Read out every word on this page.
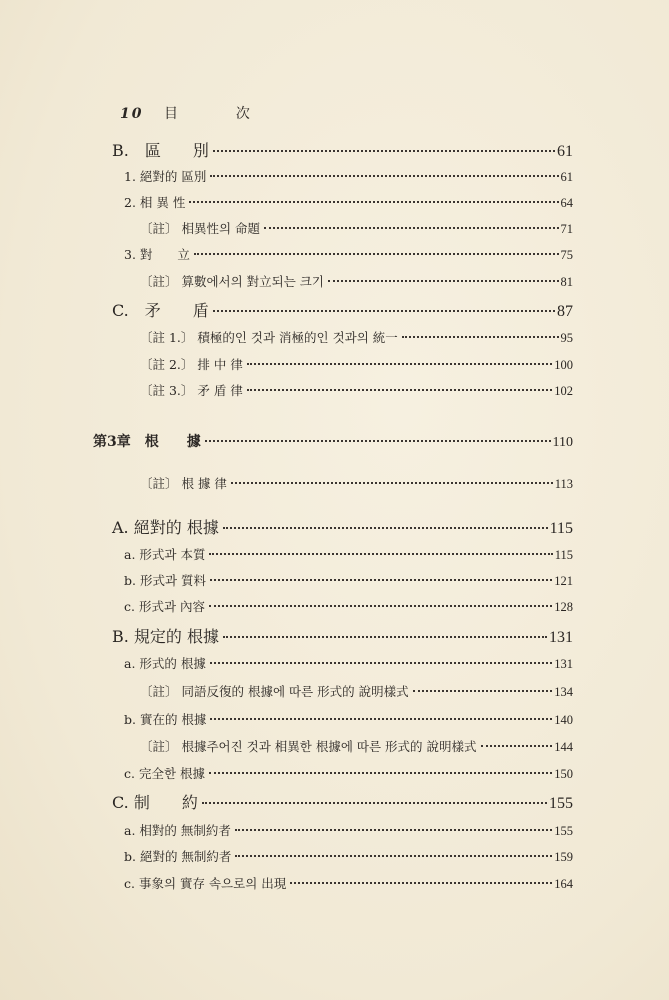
10 目　次
B.　區　　別	61
1. 絕對的 區別	61
2. 相 異 性	64
〔註〕 相異性의 命題	71
3. 對　　立	75
〔註〕 算數에서의 對立되는 크기	81
C.　矛　　盾	87
〔註 1.〕 積極的인 것과 消極的인 것과의 統一	95
〔註 2.〕 排 中 律	100
〔註 3.〕 矛 盾 律	102
第3章　根　　據	110
〔註〕 根 據 律	113
A. 絕對的 根據	115
a. 形式과 本質	115
b. 形式과 質料	121
c. 形式과 內容	128
B. 規定的 根據	131
a. 形式的 根據	131
〔註〕 同語反復的 根據에 따른 形式的 說明樣式	134
b. 實在的 根據	140
〔註〕 根據주어진 것과 相異한 根據에 따른 形式的 說明樣式	144
c. 完全한 根據	150
C. 制　　約	155
a. 相對的 無制約者	155
b. 絕對的 無制約者	159
c. 事象의 實存 속으로의 出現	164
